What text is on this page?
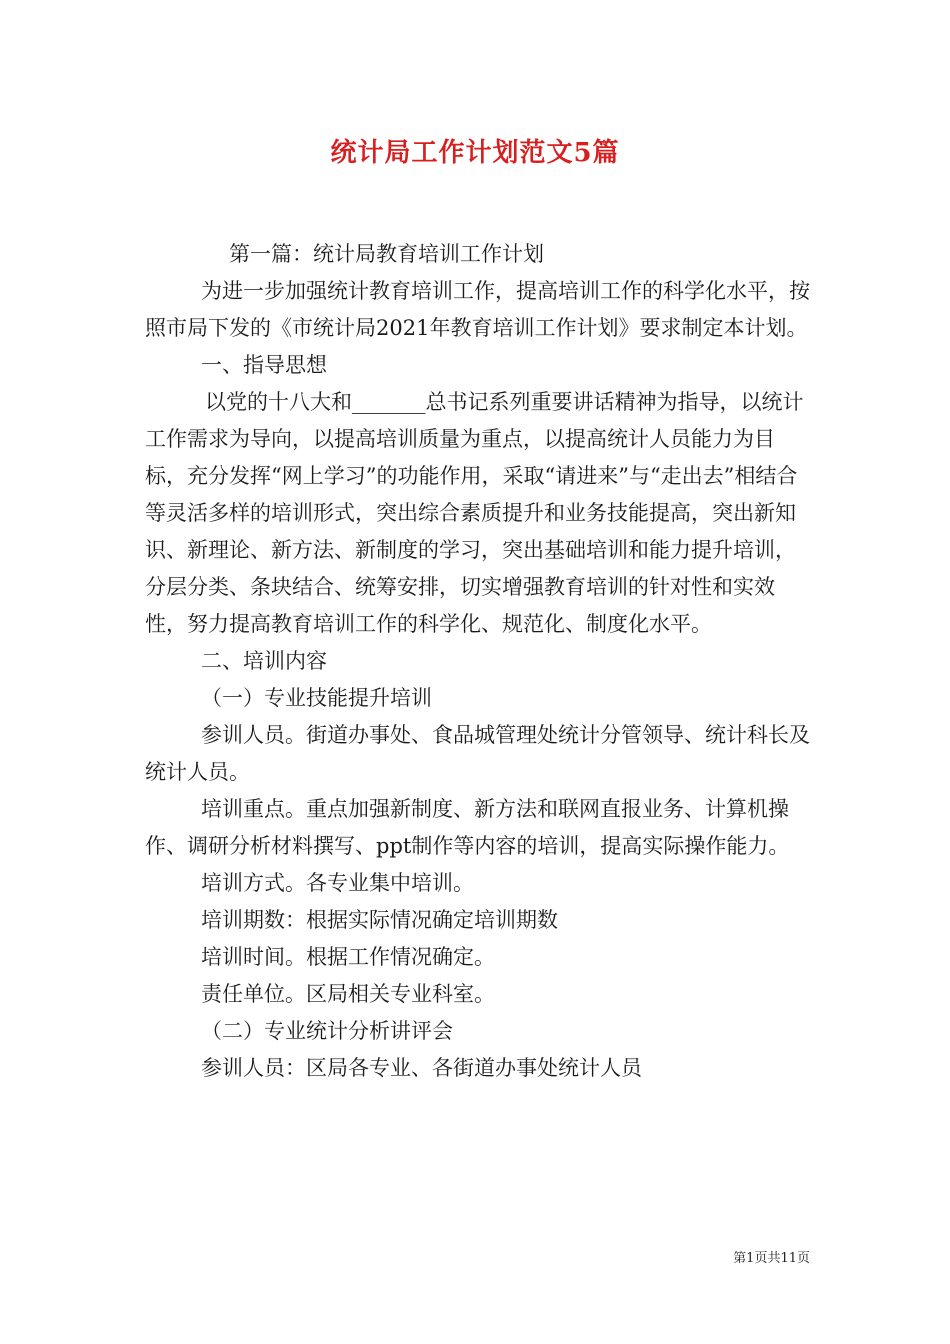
统计局工作计划范文5篇

第一篇：统计局教育培训工作计划

为进一步加强统计教育培训工作，提高培训工作的科学化水平，按照市局下发的《市统计局2021年教育培训工作计划》要求制定本计划。

一、指导思想

以党的十八大和_______总书记系列重要讲话精神为指导，以统计工作需求为导向，以提高培训质量为重点，以提高统计人员能力为目标，充分发挥“网上学习”的功能作用，采取“请进来”与“走出去”相结合等灵活多样的培训形式，突出综合素质提升和业务技能提高，突出新知识、新理论、新方法、新制度的学习，突出基础培训和能力提升培训，分层分类、条块结合、统筹安排，切实增强教育培训的针对性和实效性，努力提高教育培训工作的科学化、规范化、制度化水平。

二、培训内容

（一）专业技能提升培训

参训人员。街道办事处、食品城管理处统计分管领导、统计科长及统计人员。

培训重点。重点加强新制度、新方法和联网直报业务、计算机操作、调研分析材料撰写、ppt制作等内容的培训，提高实际操作能力。

培训方式。各专业集中培训。

培训期数：根据实际情况确定培训期数

培训时间。根据工作情况确定。

责任单位。区局相关专业科室。

（二）专业统计分析讲评会

参训人员：区局各专业、各街道办事处统计人员

第1页共11页
